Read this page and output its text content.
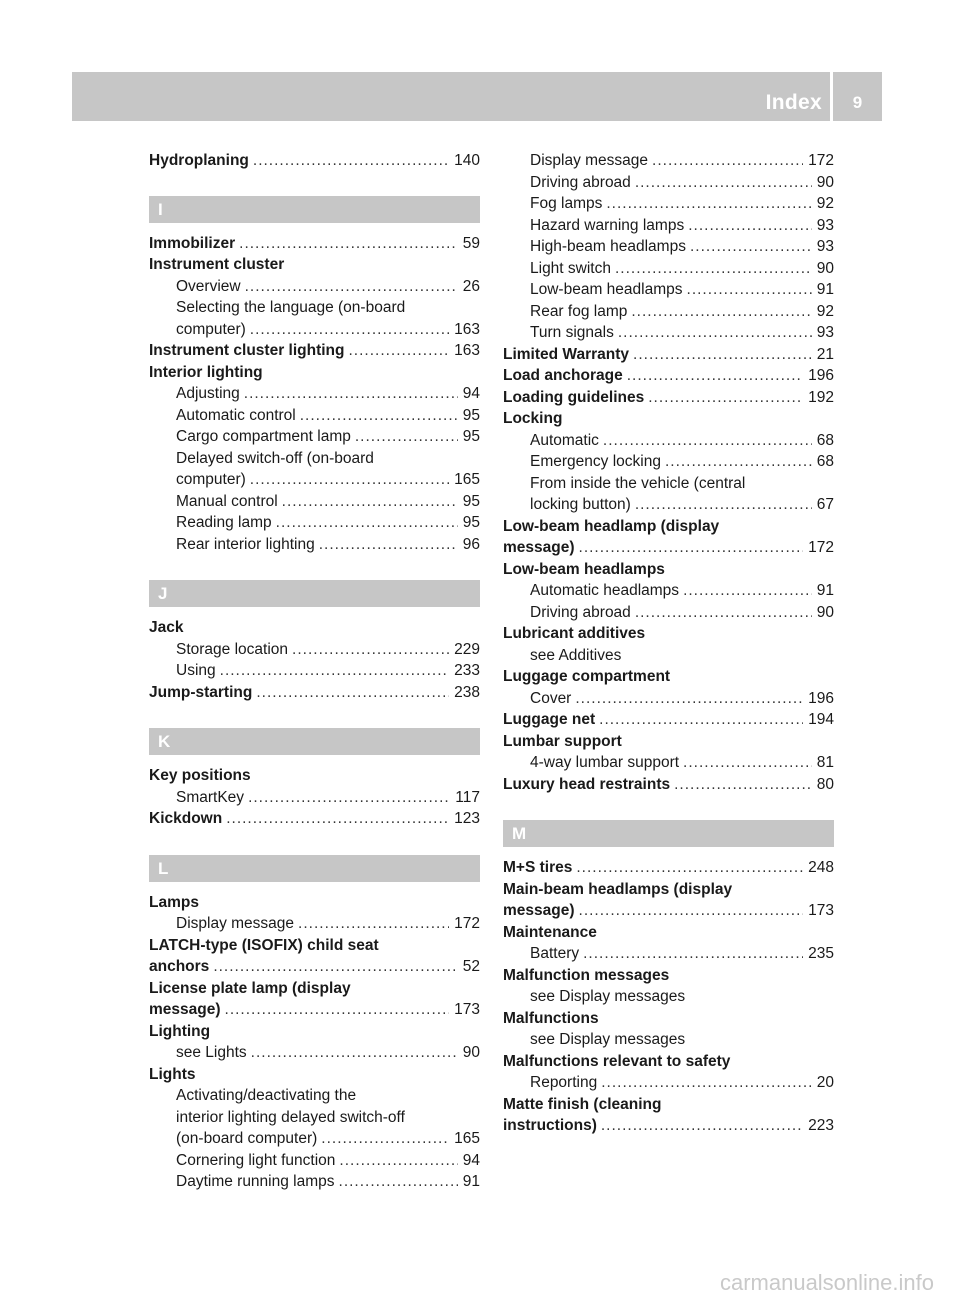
Index	9
Hydroplaning .....	140
I
Immobilizer .....	59
Instrument cluster
Overview .....	26
Selecting the language (on-board
computer) .....	163
Instrument cluster lighting .....	163
Interior lighting
Adjusting .....	94
Automatic control .....	95
Cargo compartment lamp .....	95
Delayed switch-off (on-board
computer) .....	165
Manual control .....	95
Reading lamp .....	95
Rear interior lighting .....	96
J
Jack
Storage location .....	229
Using .....	233
Jump-starting .....	238
K
Key positions
SmartKey .....	117
Kickdown .....	123
L
Lamps
Display message .....	172
LATCH-type (ISOFIX) child seat
anchors .....	52
License plate lamp (display
message) .....	173
Lighting
see Lights .....	90
Lights
Activating/deactivating the
interior lighting delayed switch-off
(on-board computer) .....	165
Cornering light function .....	94
Daytime running lamps .....	91
Display message .....	172
Driving abroad .....	90
Fog lamps .....	92
Hazard warning lamps .....	93
High-beam headlamps .....	93
Light switch .....	90
Low-beam headlamps .....	91
Rear fog lamp .....	92
Turn signals .....	93
Limited Warranty .....	21
Load anchorage .....	196
Loading guidelines .....	192
Locking
Automatic .....	68
Emergency locking .....	68
From inside the vehicle (central
locking button) .....	67
Low-beam headlamp (display
message) .....	172
Low-beam headlamps
Automatic headlamps .....	91
Driving abroad .....	90
Lubricant additives
see Additives
Luggage compartment
Cover .....	196
Luggage net .....	194
Lumbar support
4-way lumbar support .....	81
Luxury head restraints .....	80
M
M+S tires .....	248
Main-beam headlamps (display
message) .....	173
Maintenance
Battery .....	235
Malfunction messages
see Display messages
Malfunctions
see Display messages
Malfunctions relevant to safety
Reporting .....	20
Matte finish (cleaning
instructions) .....	223
carmanualsonline.info
